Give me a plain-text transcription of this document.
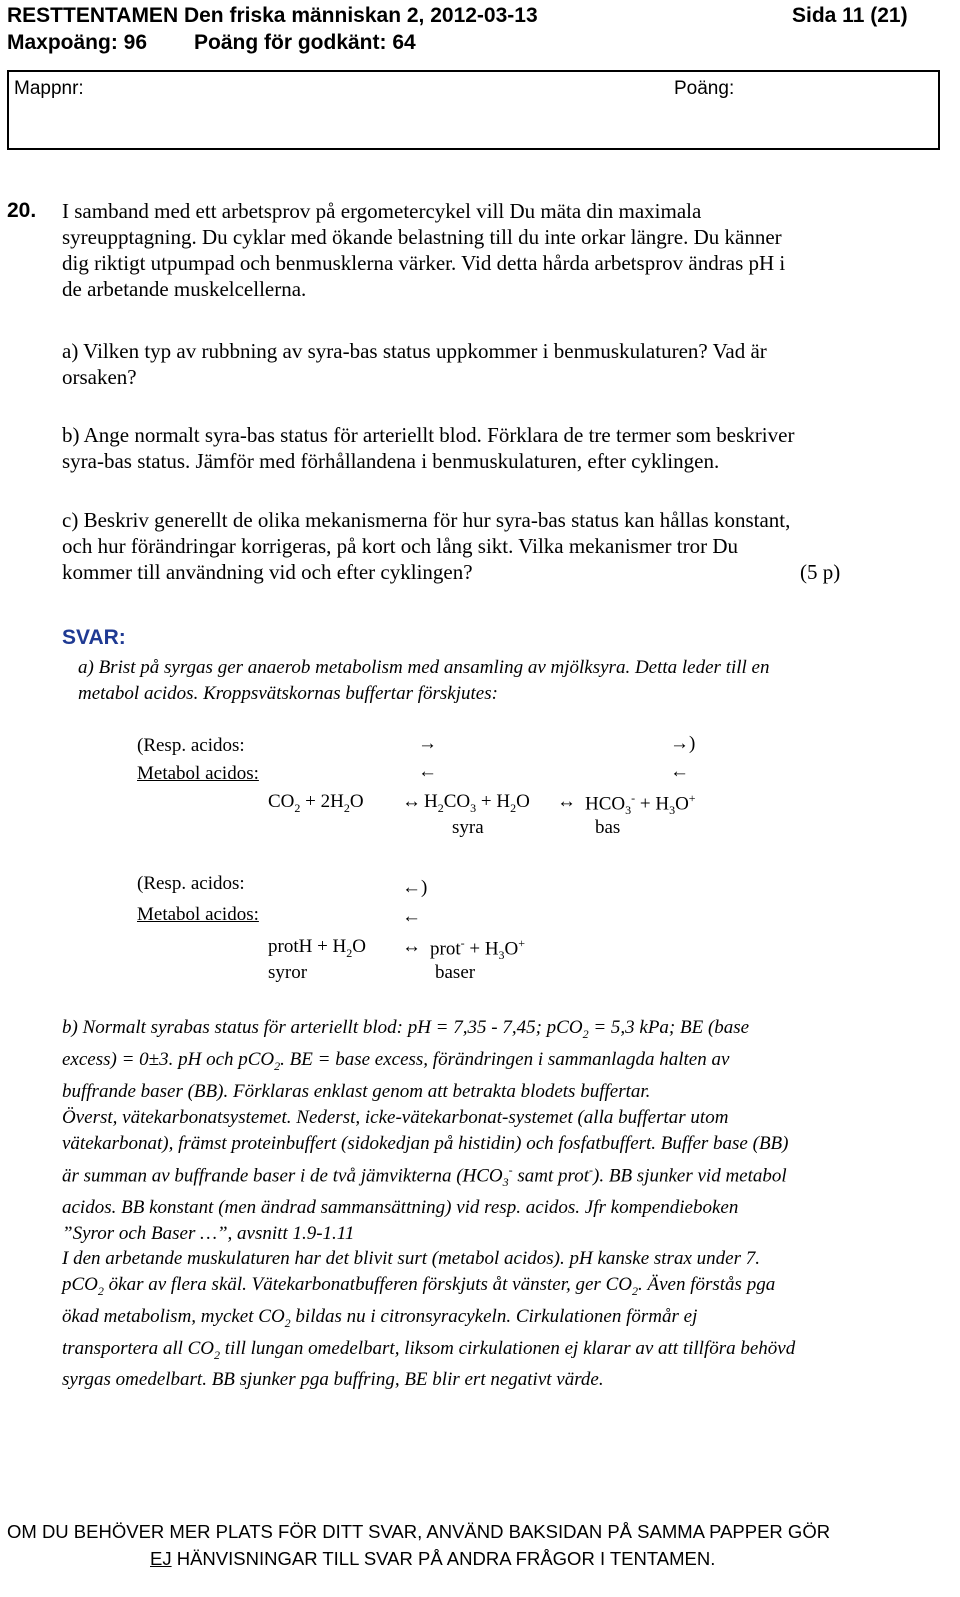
RESTTENTAMEN Den friska människan 2, 2012-03-13	Sida 11 (21)
Maxpoäng: 96 Poäng för godkänt: 64
Mappnr:	Poäng:
20. I samband med ett arbetsprov på ergometercykel vill Du mäta din maximala
syreupptagning. Du cyklar med ökande belastning till du inte orkar längre. Du känner
dig riktigt utpumpad och benmusklerna värker. Vid detta hårda arbetsprov ändras pH i
de arbetande muskelcellerna.
a) Vilken typ av rubbning av syra-bas status uppkommer i benmuskulaturen? Vad är
orsaken?
b) Ange normalt syra-bas status för arteriellt blod. Förklara de tre termer som beskriver
syra-bas status. Jämför med förhållandena i benmuskulaturen, efter cyklingen.
c) Beskriv generellt de olika mekanismerna för hur syra-bas status kan hållas konstant,
och hur förändringar korrigeras, på kort och lång sikt. Vilka mekanismer tror Du
kommer till användning vid och efter cyklingen?	(5 p)
SVAR:
a) Brist på syrgas ger anaerob metabolism med ansamling av mjölksyra. Detta leder till en
metabol acidos. Kroppsvätskornas buffertar förskjutes:
(Resp. acidos:	→	→)
Metabol acidos:	←	←
$CO_2 + 2H_2O$ ↔ $H_2CO_3 + H_2O$ ↔ $HCO_3^- + H_3O^+$
syra	bas
(Resp. acidos:	←)
Metabol acidos:	←
protH + $H_2O$ ↔ prot- + $H_3O^+$
syror	baser
b) Normalt syrabas status för arteriellt blod: pH = 7,35 - 7,45; pCO$_2$ = 5,3 kPa; BE (base
excess) = 0±3. pH och pCO$_2$. BE = base excess, förändringen i sammanlagda halten av
buffrande baser (BB). Förklaras enklast genom att betrakta blodets buffertar.
Överst, vätekarbonatsystemet. Nederst, icke-vätekarbonat-systemet (alla buffertar utom
vätekarbonat), främst proteinbuffert (sidokedjan på histidin) och fosfatbuffert. Buffer base (BB)
är summan av buffrande baser i de två jämvikterna ($HCO_3^-$ samt prot-). BB sjunker vid metabol
acidos. BB konstant (men ändrad sammansättning) vid resp. acidos. Jfr kompendieboken
”Syror och Baser …”, avsnitt 1.9-1.11
I den arbetande muskulaturen har det blivit surt (metabol acidos). pH kanske strax under 7.
pCO$_2$ ökar av flera skäl. Vätekarbonatbufferen förskjuts åt vänster, ger $CO_2$. Även förstås pga
ökad metabolism, mycket $CO_2$ bildas nu i citronsyracykeln. Cirkulationen förmår ej
transportera all $CO_2$ till lungan omedelbart, liksom cirkulationen ej klarar av att tillföra behövd
syrgas omedelbart. BB sjunker pga buffring, BE blir ert negativt värde.
OM DU BEHÖVER MER PLATS FÖR DITT SVAR, ANVÄND BAKSIDAN PÅ SAMMA PAPPER GÖR
EJ HÄNVISNINGAR TILL SVAR PÅ ANDRA FRÅGOR I TENTAMEN.
